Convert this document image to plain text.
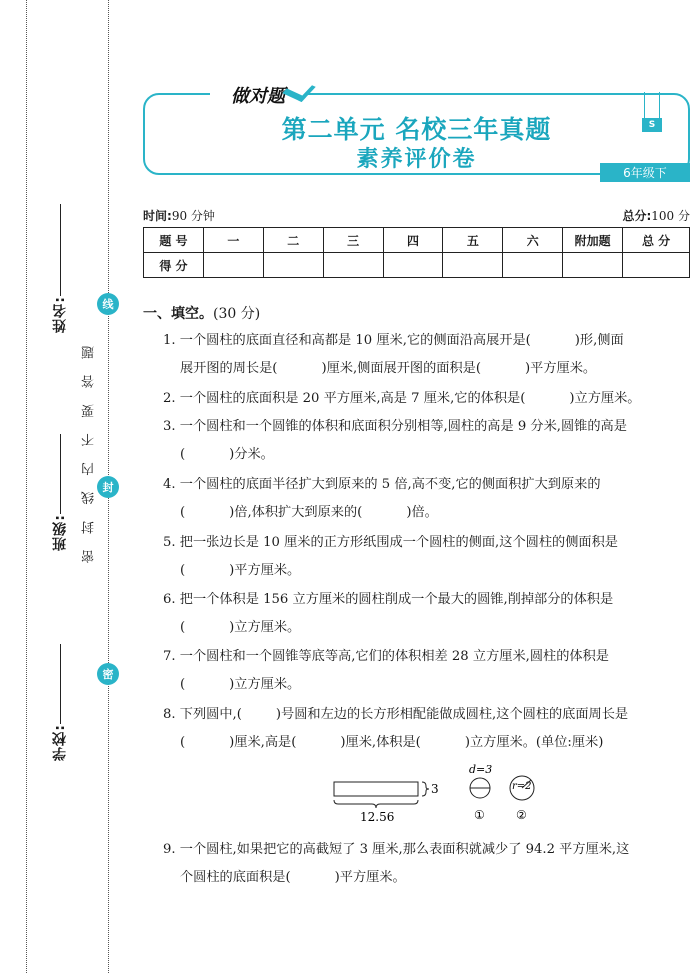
姓名:
班级:
学校:
密 封 线 内 不 要 答 题
线
封
密
做对题
第二单元 名校三年真题
素养评价卷
S
6年级下
时间:90 分钟	总分:100 分
题 号	一	二	三	四	五	六	附加题	总 分
得 分								
一、填空。(30 分)
1. 一个圆柱的底面直径和高都是 10 厘米,它的侧面沿高展开是(	)形,侧面
展开图的周长是(	)厘米,侧面展开图的面积是(	)平方厘米。
2. 一个圆柱的底面积是 20 平方厘米,高是 7 厘米,它的体积是(	)立方厘米。
3. 一个圆柱和一个圆锥的体积和底面积分别相等,圆柱的高是 9 分米,圆锥的高是
(	)分米。
4. 一个圆柱的底面半径扩大到原来的 5 倍,高不变,它的侧面积扩大到原来的
(	)倍,体积扩大到原来的(	)倍。
5. 把一张边长是 10 厘米的正方形纸围成一个圆柱的侧面,这个圆柱的侧面积是
(	)平方厘米。
6. 把一个体积是 156 立方厘米的圆柱削成一个最大的圆锥,削掉部分的体积是
(	)立方厘米。
7. 一个圆柱和一个圆锥等底等高,它们的体积相差 28 立方厘米,圆柱的体积是
(	)立方厘米。
8. 下列圆中,(	)号圆和左边的长方形相配能做成圆柱,这个圆柱的底面周长是
(	)厘米,高是(	)厘米,体积是(	)立方厘米。(单位:厘米)
3
12.56
d=3
①
r=2
②
9. 一个圆柱,如果把它的高截短了 3 厘米,那么表面积就减少了 94.2 平方厘米,这
个圆柱的底面积是(	)平方厘米。
